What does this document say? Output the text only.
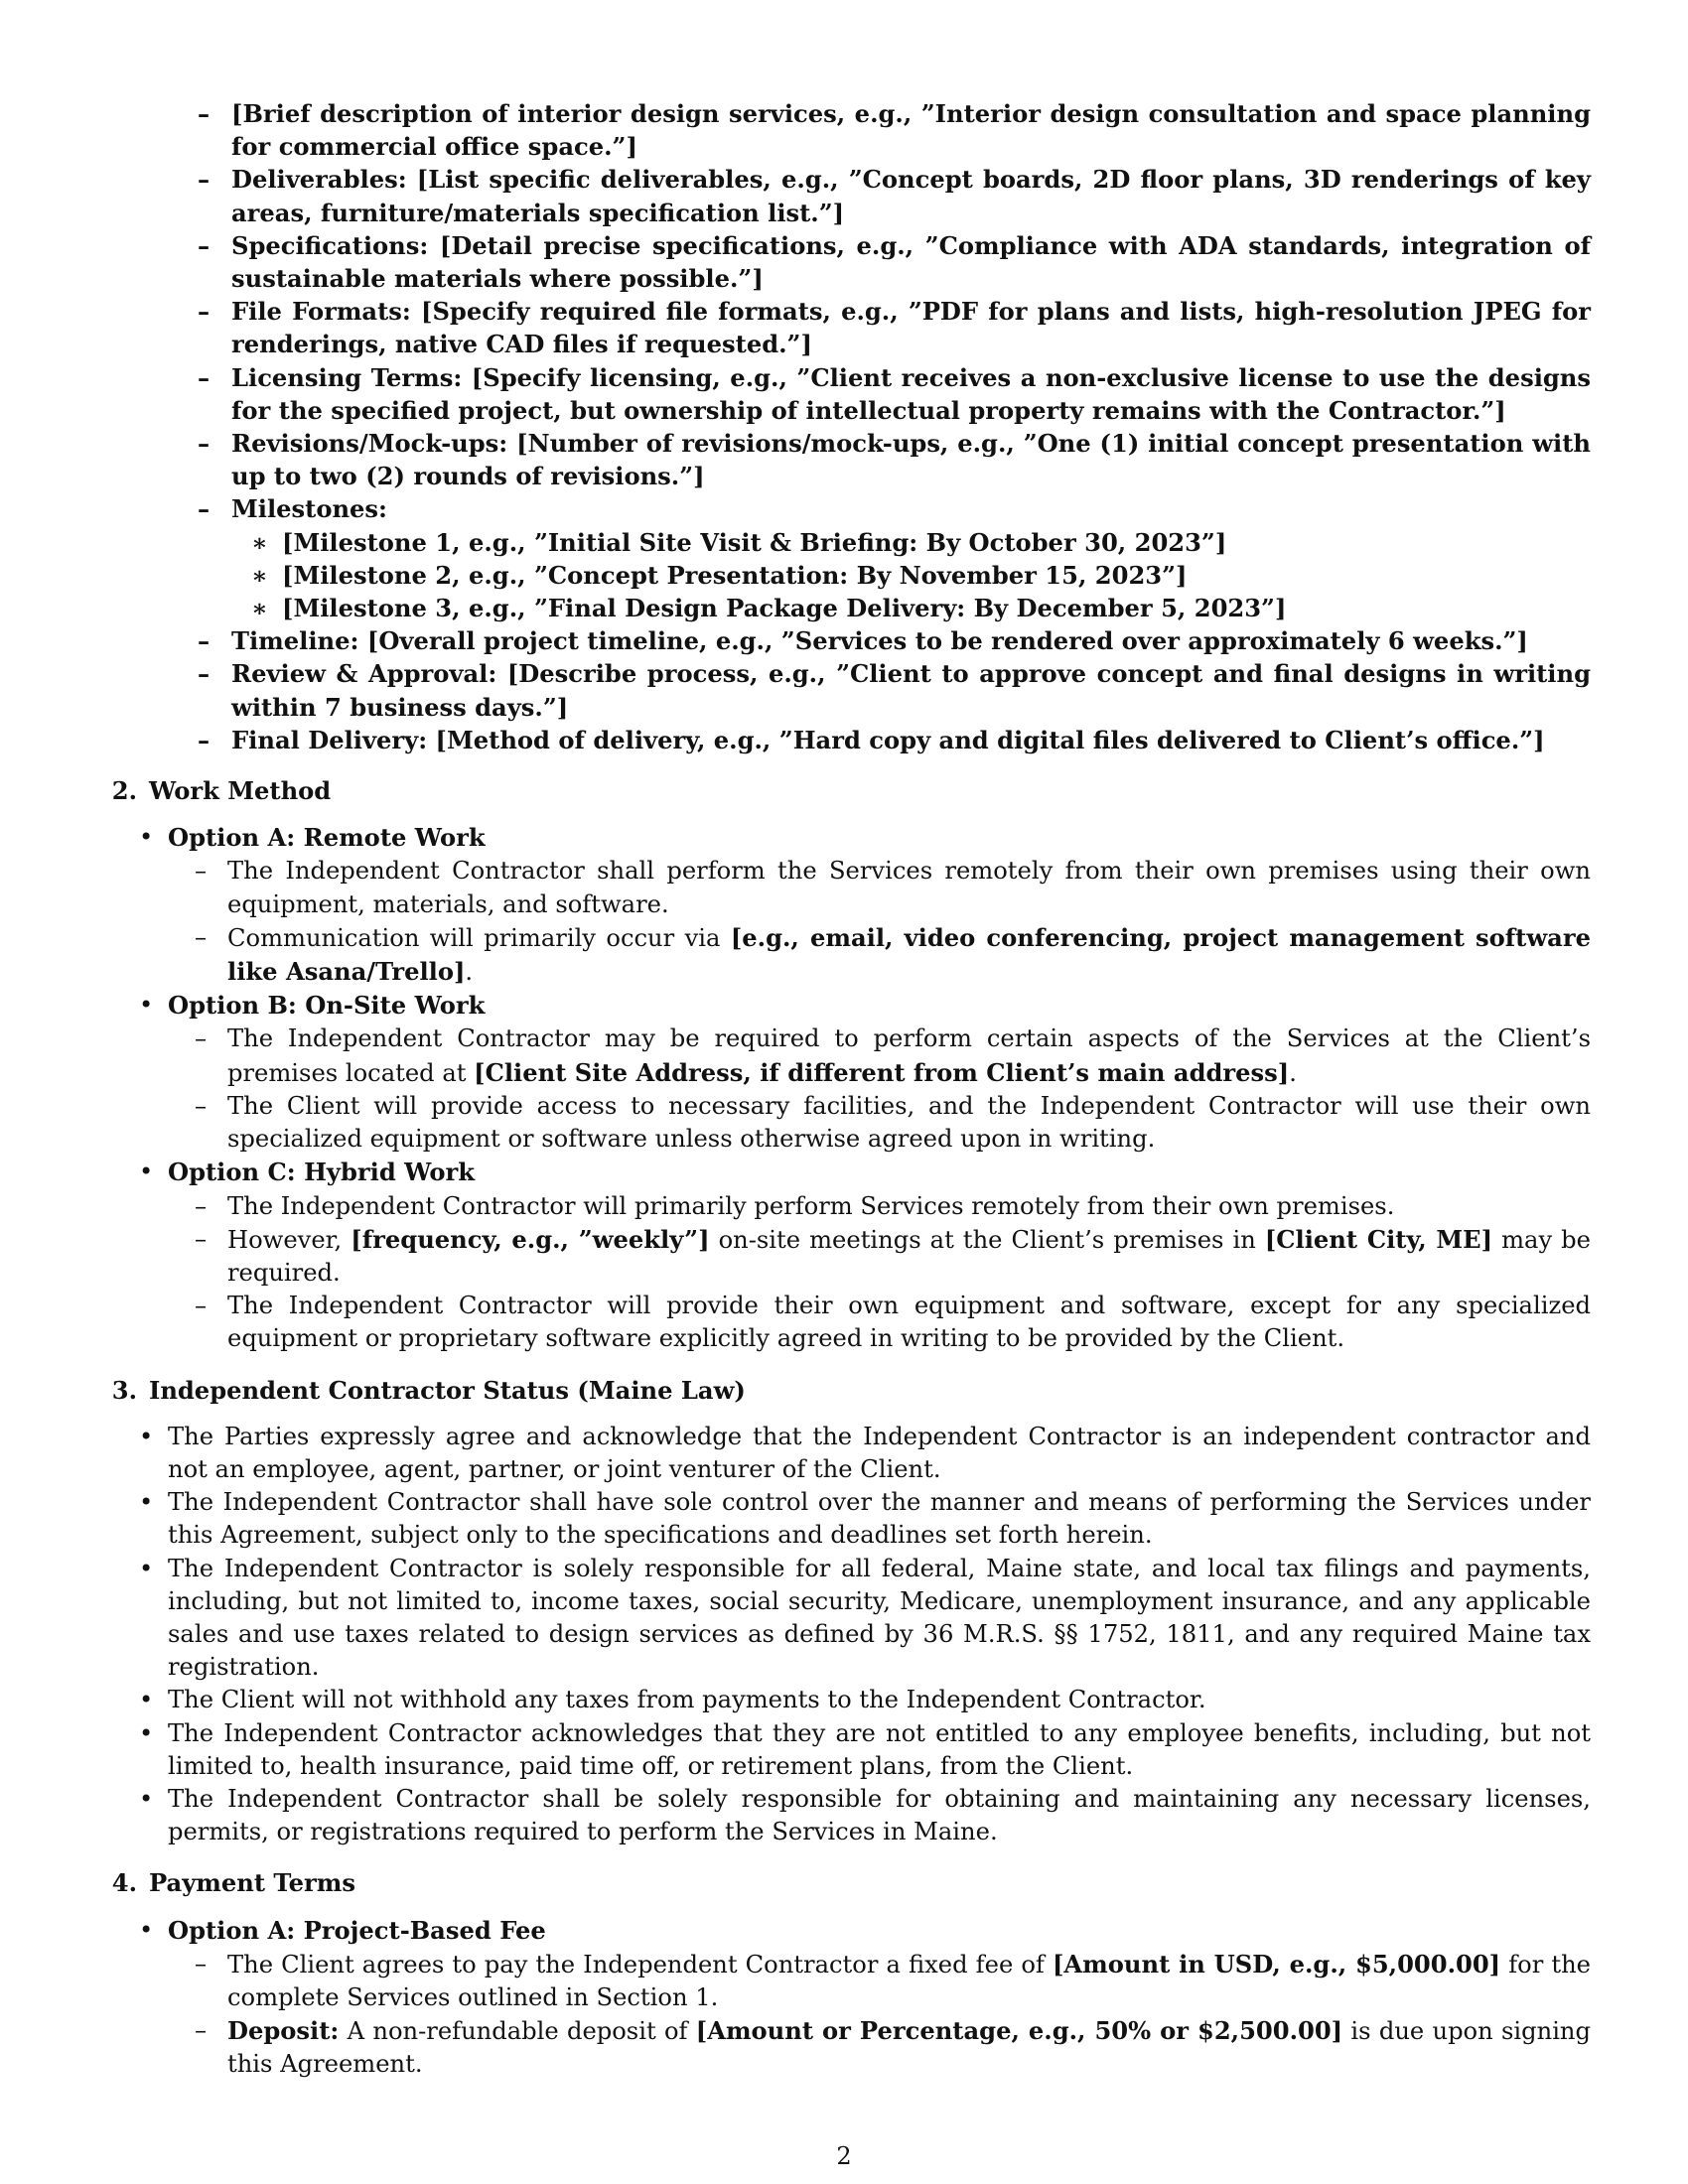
– [Brief description of interior design services, e.g., ”Interior design consultation and space planning for commercial office space.”]
– Deliverables: [List specific deliverables, e.g., ”Concept boards, 2D floor plans, 3D renderings of key areas, furniture/materials specification list.”]
– Specifications: [Detail precise specifications, e.g., ”Compliance with ADA standards, integration of sustainable materials where possible.”]
– File Formats: [Specify required file formats, e.g., ”PDF for plans and lists, high-resolution JPEG for renderings, native CAD files if requested.”]
– Licensing Terms: [Specify licensing, e.g., ”Client receives a non-exclusive license to use the designs for the specified project, but ownership of intellectual property remains with the Contractor.”]
– Revisions/Mock-ups: [Number of revisions/mock-ups, e.g., ”One (1) initial concept presentation with up to two (2) rounds of revisions.”]
– Milestones:
∗ [Milestone 1, e.g., ”Initial Site Visit & Briefing: By October 30, 2023”]
∗ [Milestone 2, e.g., ”Concept Presentation: By November 15, 2023”]
∗ [Milestone 3, e.g., ”Final Design Package Delivery: By December 5, 2023”]
– Timeline: [Overall project timeline, e.g., ”Services to be rendered over approximately 6 weeks.”]
– Review & Approval: [Describe process, e.g., ”Client to approve concept and final designs in writing within 7 business days.”]
– Final Delivery: [Method of delivery, e.g., ”Hard copy and digital files delivered to Client’s office.”]
2. Work Method
• Option A: Remote Work
– The Independent Contractor shall perform the Services remotely from their own premises using their own equipment, materials, and software.
– Communication will primarily occur via [e.g., email, video conferencing, project management software like Asana/Trello].
• Option B: On-Site Work
– The Independent Contractor may be required to perform certain aspects of the Services at the Client’s premises located at [Client Site Address, if different from Client’s main address].
– The Client will provide access to necessary facilities, and the Independent Contractor will use their own specialized equipment or software unless otherwise agreed upon in writing.
• Option C: Hybrid Work
– The Independent Contractor will primarily perform Services remotely from their own premises.
– However, [frequency, e.g., ”weekly”] on-site meetings at the Client’s premises in [Client City, ME] may be required.
– The Independent Contractor will provide their own equipment and software, except for any specialized equipment or proprietary software explicitly agreed in writing to be provided by the Client.
3. Independent Contractor Status (Maine Law)
• The Parties expressly agree and acknowledge that the Independent Contractor is an independent contractor and not an employee, agent, partner, or joint venturer of the Client.
• The Independent Contractor shall have sole control over the manner and means of performing the Services under this Agreement, subject only to the specifications and deadlines set forth herein.
• The Independent Contractor is solely responsible for all federal, Maine state, and local tax filings and payments, including, but not limited to, income taxes, social security, Medicare, unemployment insurance, and any applicable sales and use taxes related to design services as defined by 36 M.R.S. §§ 1752, 1811, and any required Maine tax registration.
• The Client will not withhold any taxes from payments to the Independent Contractor.
• The Independent Contractor acknowledges that they are not entitled to any employee benefits, including, but not limited to, health insurance, paid time off, or retirement plans, from the Client.
• The Independent Contractor shall be solely responsible for obtaining and maintaining any necessary licenses, permits, or registrations required to perform the Services in Maine.
4. Payment Terms
• Option A: Project-Based Fee
– The Client agrees to pay the Independent Contractor a fixed fee of [Amount in USD, e.g., $5,000.00] for the complete Services outlined in Section 1.
– Deposit: A non-refundable deposit of [Amount or Percentage, e.g., 50% or $2,500.00] is due upon signing this Agreement.
2
